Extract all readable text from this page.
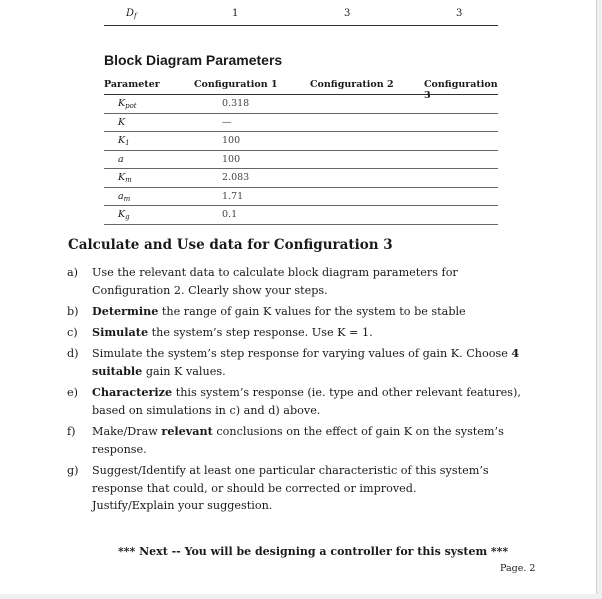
$D_f$	1	3	3
Block Diagram Parameters
Parameter	Configuration 1	Configuration 2	Configuration 3
$K_{pot}$	0.318
K	—
$K_1$	100
a	100
$K_m$	2.083
$a_m$	1.71
$K_g$	0.1
Calculate and Use data for Configuration 3
a) Use the relevant data to calculate block diagram parameters for Configuration 2. Clearly show your steps.

b) Determine the range of gain K values for the system to be stable

c) Simulate the system’s step response. Use K = 1.

d) Simulate the system’s step response for varying values of gain K. Choose 4 suitable gain K values.

e) Characterize this system’s response (ie. type and other relevant features), based on simulations in c) and d) above.

f) Make/Draw relevant conclusions on the effect of gain K on the system’s response.

g) Suggest/Identify at least one particular characteristic of this system’s response that could, or should be corrected or improved.

Justify/Explain your suggestion.

*** Next -- You will be designing a controller for this system ***
Page. 2
